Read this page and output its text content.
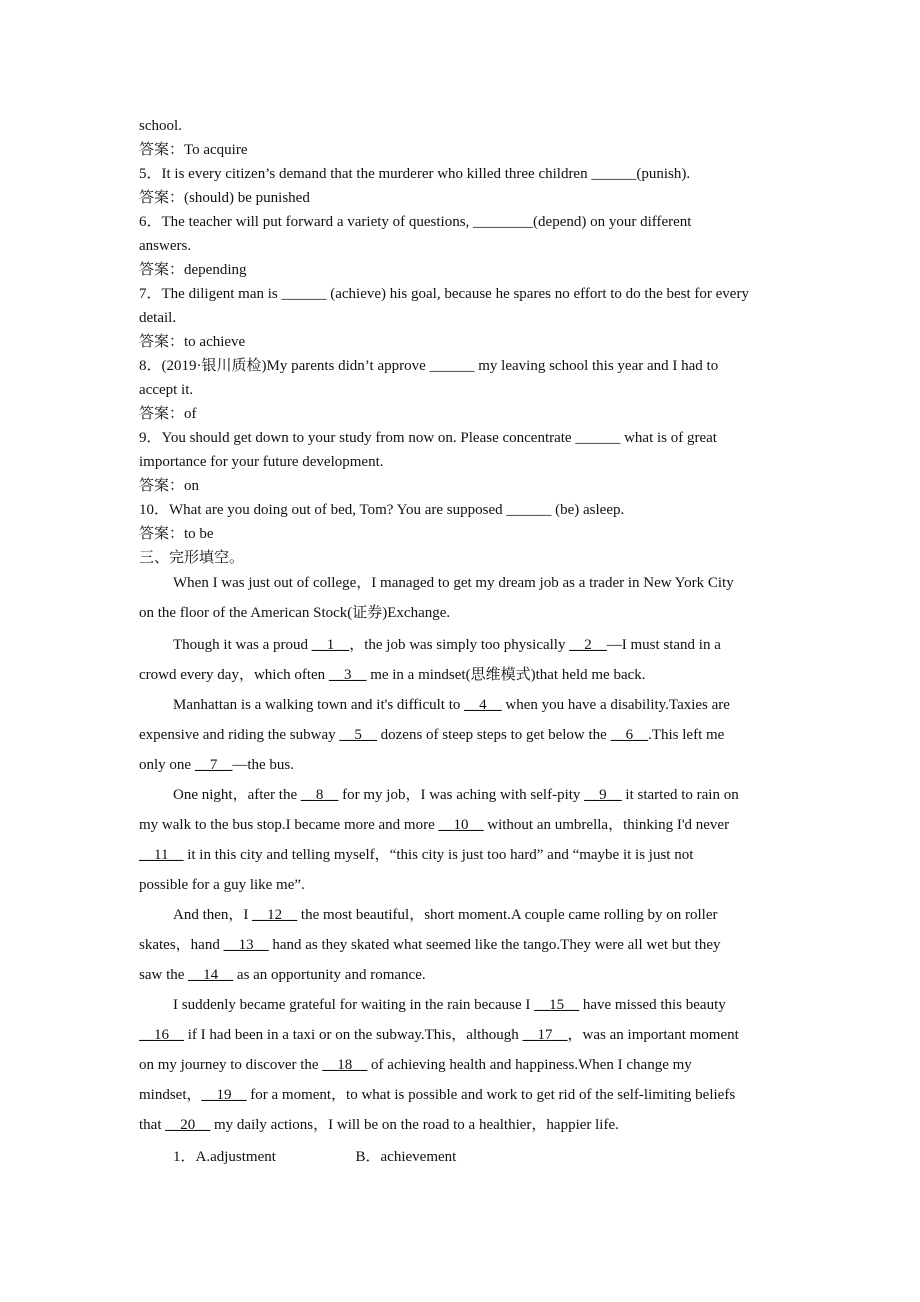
school.
答案：To acquire
5．It is every citizen’s demand that the murderer who killed three children ______(punish).
答案：(should) be punished
6．The teacher will put forward a variety of questions, ________(depend) on your different
answers.
答案：depending
7．The diligent man is ______ (achieve) his goal, because he spares no effort to do the best for every
detail.
答案：to achieve
8．(2019·银川质检)My parents didn’t approve ______ my leaving school this year and I had to
accept it.
答案：of
9．You should get down to your study from now on. Please concentrate ______ what is of great
importance for your future development.
答案：on
10．What are you doing out of bed, Tom? You are supposed ______ (be) asleep.
答案：to be
三、完形填空。
When I was just out of college，I managed to get my dream job as a trader in New York City
on the floor of the American Stock(证券)Exchange.
Though it was a proud __1__，the job was simply too physically __2__—I must stand in a
crowd every day，which often __3__ me in a mindset(思维模式)that held me back.
Manhattan is a walking town and it's difficult to __4__ when you have a disability.Taxies are
expensive and riding the subway __5__ dozens of steep steps to get below the __6__.This left me
only one __7__—the bus.
One night，after the __8__ for my job，I was aching with self-pity __9__ it started to rain on
my walk to the bus stop.I became more and more __10__ without an umbrella，thinking I'd never
__11__ it in this city and telling myself，“this city is just too hard” and “maybe it is just not
possible for a guy like me”.
And then，I __12__ the most beautiful，short moment.A couple came rolling by on roller
skates，hand __13__ hand as they skated what seemed like the tango.They were all wet but they
saw the __14__ as an opportunity and romance.
I suddenly became grateful for waiting in the rain because I __15__ have missed this beauty
__16__ if I had been in a taxi or on the subway.This，although __17__，was an important moment
on my journey to discover the __18__ of achieving health and happiness.When I change my
mindset，__19__ for a moment，to what is possible and work to get rid of the self-limiting beliefs
that __20__ my daily actions，I will be on the road to a healthier，happier life.
1．A.adjustment	B．achievement
